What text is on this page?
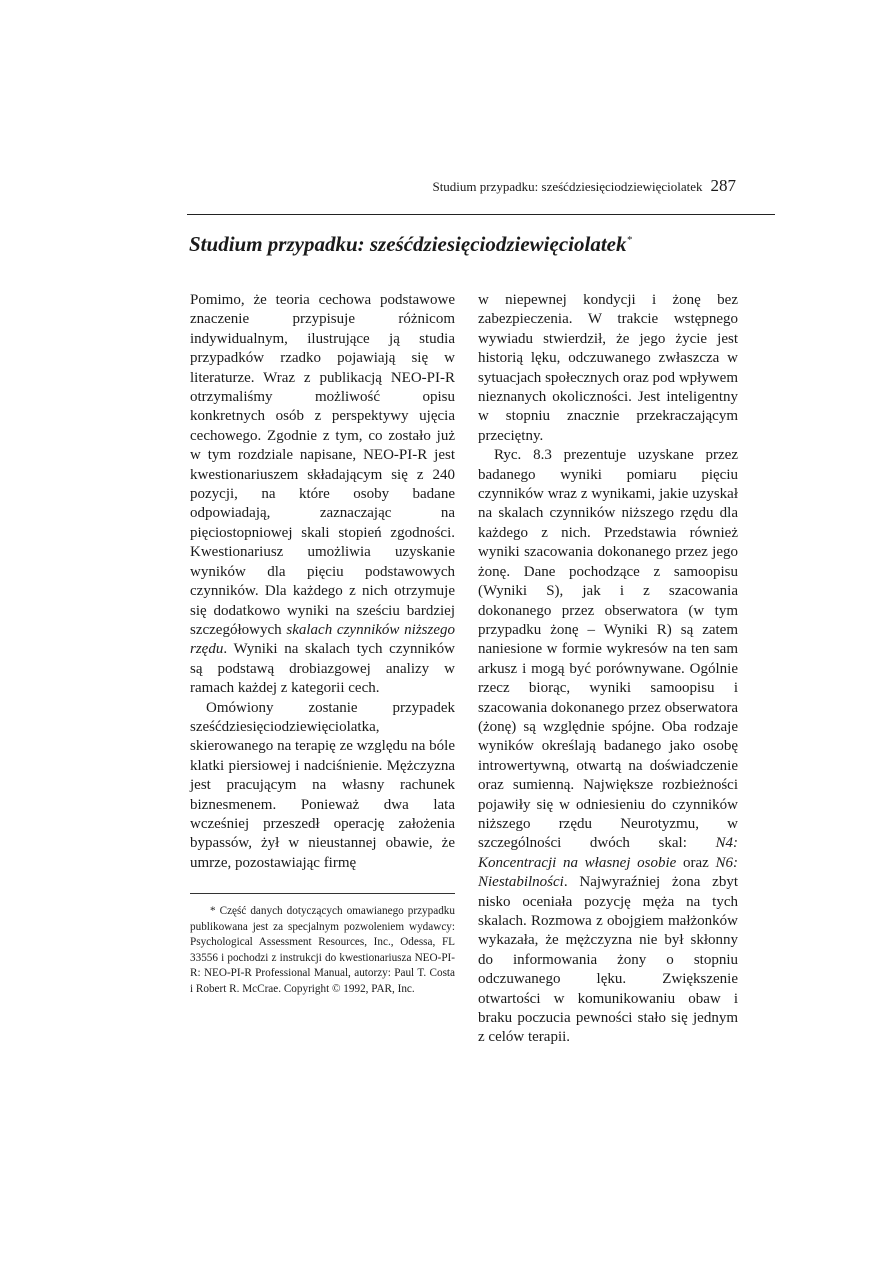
Studium przypadku: sześćdziesięciodziewięciolatek 287
Studium przypadku: sześćdziesięciodziewięciolatek*

Pomimo, że teoria cechowa podstawowe znaczenie przypisuje różnicom indywidualnym, ilustrujące ją studia przypadków rzadko pojawiają się w literaturze. Wraz z publikacją NEO-PI-R otrzymaliśmy możliwość opisu konkretnych osób z perspektywy ujęcia cechowego. Zgodnie z tym, co zostało już w tym rozdziale napisane, NEO-PI-R jest kwestionariuszem składającym się z 240 pozycji, na które osoby badane odpowiadają, zaznaczając na pięciostopniowej skali stopień zgodności. Kwestionariusz umożliwia uzyskanie wyników dla pięciu podstawowych czynników. Dla każdego z nich otrzymuje się dodatkowo wyniki na sześciu bardziej szczegółowych skalach czynników niższego rzędu. Wyniki na skalach tych czynników są podstawą drobiazgowej analizy w ramach każdej z kategorii cech.

Omówiony zostanie przypadek sześćdziesięciodziewięciolatka, skierowanego na terapię ze względu na bóle klatki piersiowej i nadciśnienie. Mężczyzna jest pracującym na własny rachunek biznesmenem. Ponieważ dwa lata wcześniej przeszedł operację założenia bypassów, żył w nieustannej obawie, że umrze, pozostawiając firmę

w niepewnej kondycji i żonę bez zabezpieczenia. W trakcie wstępnego wywiadu stwierdził, że jego życie jest historią lęku, odczuwanego zwłaszcza w sytuacjach społecznych oraz pod wpływem nieznanych okoliczności. Jest inteligentny w stopniu znacznie przekraczającym przeciętny.

Ryc. 8.3 prezentuje uzyskane przez badanego wyniki pomiaru pięciu czynników wraz z wynikami, jakie uzyskał na skalach czynników niższego rzędu dla każdego z nich. Przedstawia również wyniki szacowania dokonanego przez jego żonę. Dane pochodzące z samoopisu (Wyniki S), jak i z szacowania dokonanego przez obserwatora (w tym przypadku żonę – Wyniki R) są zatem naniesione w formie wykresów na ten sam arkusz i mogą być porównywane. Ogólnie rzecz biorąc, wyniki samoopisu i szacowania dokonanego przez obserwatora (żonę) są względnie spójne. Oba rodzaje wyników określają badanego jako osobę introwertywną, otwartą na doświadczenie oraz sumienną. Największe rozbieżności pojawiły się w odniesieniu do czynników niższego rzędu Neurotyzmu, w szczególności dwóch skal: N4: Koncentracji na własnej osobie oraz N6: Niestabilności. Najwyraźniej żona zbyt nisko oceniała pozycję męża na tych skalach. Rozmowa z obojgiem małżonków wykazała, że mężczyzna nie był skłonny do informowania żony o stopniu odczuwanego lęku. Zwiększenie otwartości w komunikowaniu obaw i braku poczucia pewności stało się jednym z celów terapii.

* Część danych dotyczących omawianego przypadku publikowana jest za specjalnym pozwoleniem wydawcy: Psychological Assessment Resources, Inc., Odessa, FL 33556 i pochodzi z instrukcji do kwestionariusza NEO-PI-R: NEO-PI-R Professional Manual, autorzy: Paul T. Costa i Robert R. McCrae. Copyright © 1992, PAR, Inc.
